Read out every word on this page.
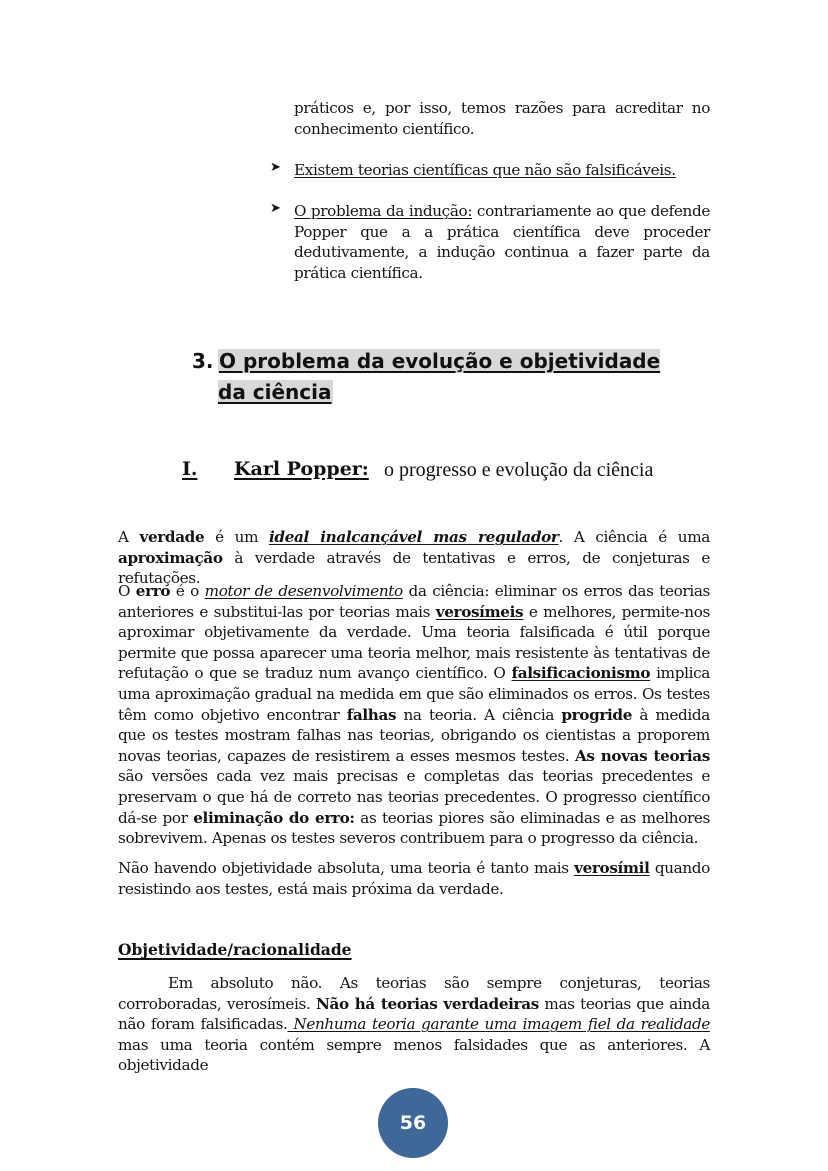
práticos e, por isso, temos razões para acreditar no conhecimento científico.
➤ Existem teorias científicas que não são falsificáveis.
➤ O problema da indução: contrariamente ao que defende Popper que a a prática científica deve proceder dedutivamente, a indução continua a fazer parte da prática científica.
3. O problema da evolução e objetividade da ciência
I. Karl Popper: o progresso e evolução da ciência
A verdade é um ideal inalcançável mas regulador. A ciência é uma aproximação à verdade através de tentativas e erros, de conjeturas e refutações.
O erro é o motor de desenvolvimento da ciência: eliminar os erros das teorias anteriores e substitui-las por teorias mais verosímeis e melhores, permite-nos aproximar objetivamente da verdade. Uma teoria falsificada é útil porque permite que possa aparecer uma teoria melhor, mais resistente às tentativas de refutação o que se traduz num avanço científico. O falsificacionismo implica uma aproximação gradual na medida em que são eliminados os erros. Os testes têm como objetivo encontrar falhas na teoria. A ciência progride à medida que os testes mostram falhas nas teorias, obrigando os cientistas a proporem novas teorias, capazes de resistirem a esses mesmos testes. As novas teorias são versões cada vez mais precisas e completas das teorias precedentes e preservam o que há de correto nas teorias precedentes. O progresso científico dá-se por eliminação do erro: as teorias piores são eliminadas e as melhores sobrevivem. Apenas os testes severos contribuem para o progresso da ciência.
Não havendo objetividade absoluta, uma teoria é tanto mais verosímil quando resistindo aos testes, está mais próxima da verdade.
Objetividade/racionalidade
Em absoluto não. As teorias são sempre conjeturas, teorias corroboradas, verosímeis. Não há teorias verdadeiras mas teorias que ainda não foram falsificadas. Nenhuma teoria garante uma imagem fiel da realidade mas uma teoria contém sempre menos falsidades que as anteriores. A objetividade
56
